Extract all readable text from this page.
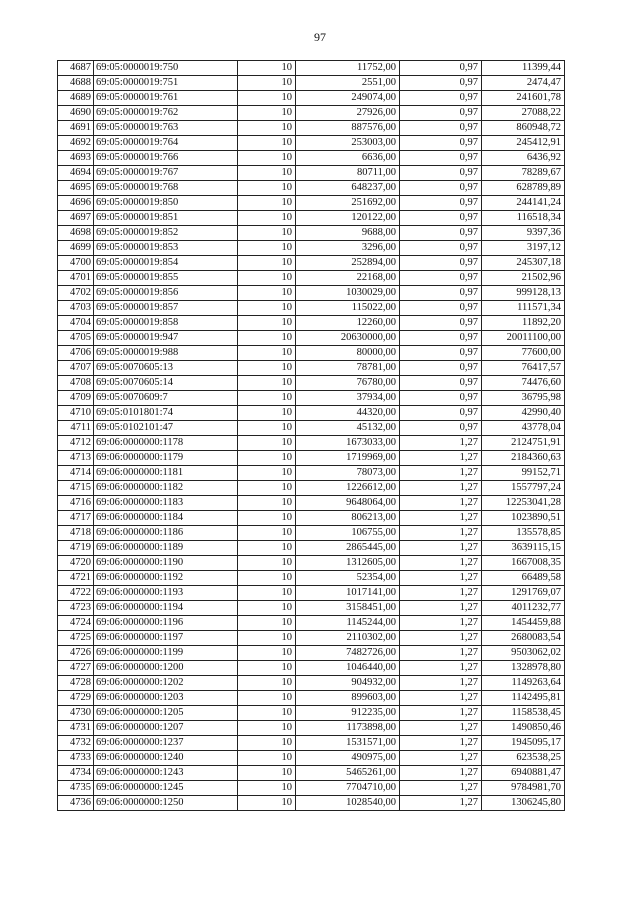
97
4687	69:05:0000019:750	10	11752,00	0,97	11399,44
4688	69:05:0000019:751	10	2551,00	0,97	2474,47
4689	69:05:0000019:761	10	249074,00	0,97	241601,78
4690	69:05:0000019:762	10	27926,00	0,97	27088,22
4691	69:05:0000019:763	10	887576,00	0,97	860948,72
4692	69:05:0000019:764	10	253003,00	0,97	245412,91
4693	69:05:0000019:766	10	6636,00	0,97	6436,92
4694	69:05:0000019:767	10	80711,00	0,97	78289,67
4695	69:05:0000019:768	10	648237,00	0,97	628789,89
4696	69:05:0000019:850	10	251692,00	0,97	244141,24
4697	69:05:0000019:851	10	120122,00	0,97	116518,34
4698	69:05:0000019:852	10	9688,00	0,97	9397,36
4699	69:05:0000019:853	10	3296,00	0,97	3197,12
4700	69:05:0000019:854	10	252894,00	0,97	245307,18
4701	69:05:0000019:855	10	22168,00	0,97	21502,96
4702	69:05:0000019:856	10	1030029,00	0,97	999128,13
4703	69:05:0000019:857	10	115022,00	0,97	111571,34
4704	69:05:0000019:858	10	12260,00	0,97	11892,20
4705	69:05:0000019:947	10	20630000,00	0,97	20011100,00
4706	69:05:0000019:988	10	80000,00	0,97	77600,00
4707	69:05:0070605:13	10	78781,00	0,97	76417,57
4708	69:05:0070605:14	10	76780,00	0,97	74476,60
4709	69:05:0070609:7	10	37934,00	0,97	36795,98
4710	69:05:0101801:74	10	44320,00	0,97	42990,40
4711	69:05:0102101:47	10	45132,00	0,97	43778,04
4712	69:06:0000000:1178	10	1673033,00	1,27	2124751,91
4713	69:06:0000000:1179	10	1719969,00	1,27	2184360,63
4714	69:06:0000000:1181	10	78073,00	1,27	99152,71
4715	69:06:0000000:1182	10	1226612,00	1,27	1557797,24
4716	69:06:0000000:1183	10	9648064,00	1,27	12253041,28
4717	69:06:0000000:1184	10	806213,00	1,27	1023890,51
4718	69:06:0000000:1186	10	106755,00	1,27	135578,85
4719	69:06:0000000:1189	10	2865445,00	1,27	3639115,15
4720	69:06:0000000:1190	10	1312605,00	1,27	1667008,35
4721	69:06:0000000:1192	10	52354,00	1,27	66489,58
4722	69:06:0000000:1193	10	1017141,00	1,27	1291769,07
4723	69:06:0000000:1194	10	3158451,00	1,27	4011232,77
4724	69:06:0000000:1196	10	1145244,00	1,27	1454459,88
4725	69:06:0000000:1197	10	2110302,00	1,27	2680083,54
4726	69:06:0000000:1199	10	7482726,00	1,27	9503062,02
4727	69:06:0000000:1200	10	1046440,00	1,27	1328978,80
4728	69:06:0000000:1202	10	904932,00	1,27	1149263,64
4729	69:06:0000000:1203	10	899603,00	1,27	1142495,81
4730	69:06:0000000:1205	10	912235,00	1,27	1158538,45
4731	69:06:0000000:1207	10	1173898,00	1,27	1490850,46
4732	69:06:0000000:1237	10	1531571,00	1,27	1945095,17
4733	69:06:0000000:1240	10	490975,00	1,27	623538,25
4734	69:06:0000000:1243	10	5465261,00	1,27	6940881,47
4735	69:06:0000000:1245	10	7704710,00	1,27	9784981,70
4736	69:06:0000000:1250	10	1028540,00	1,27	1306245,80
